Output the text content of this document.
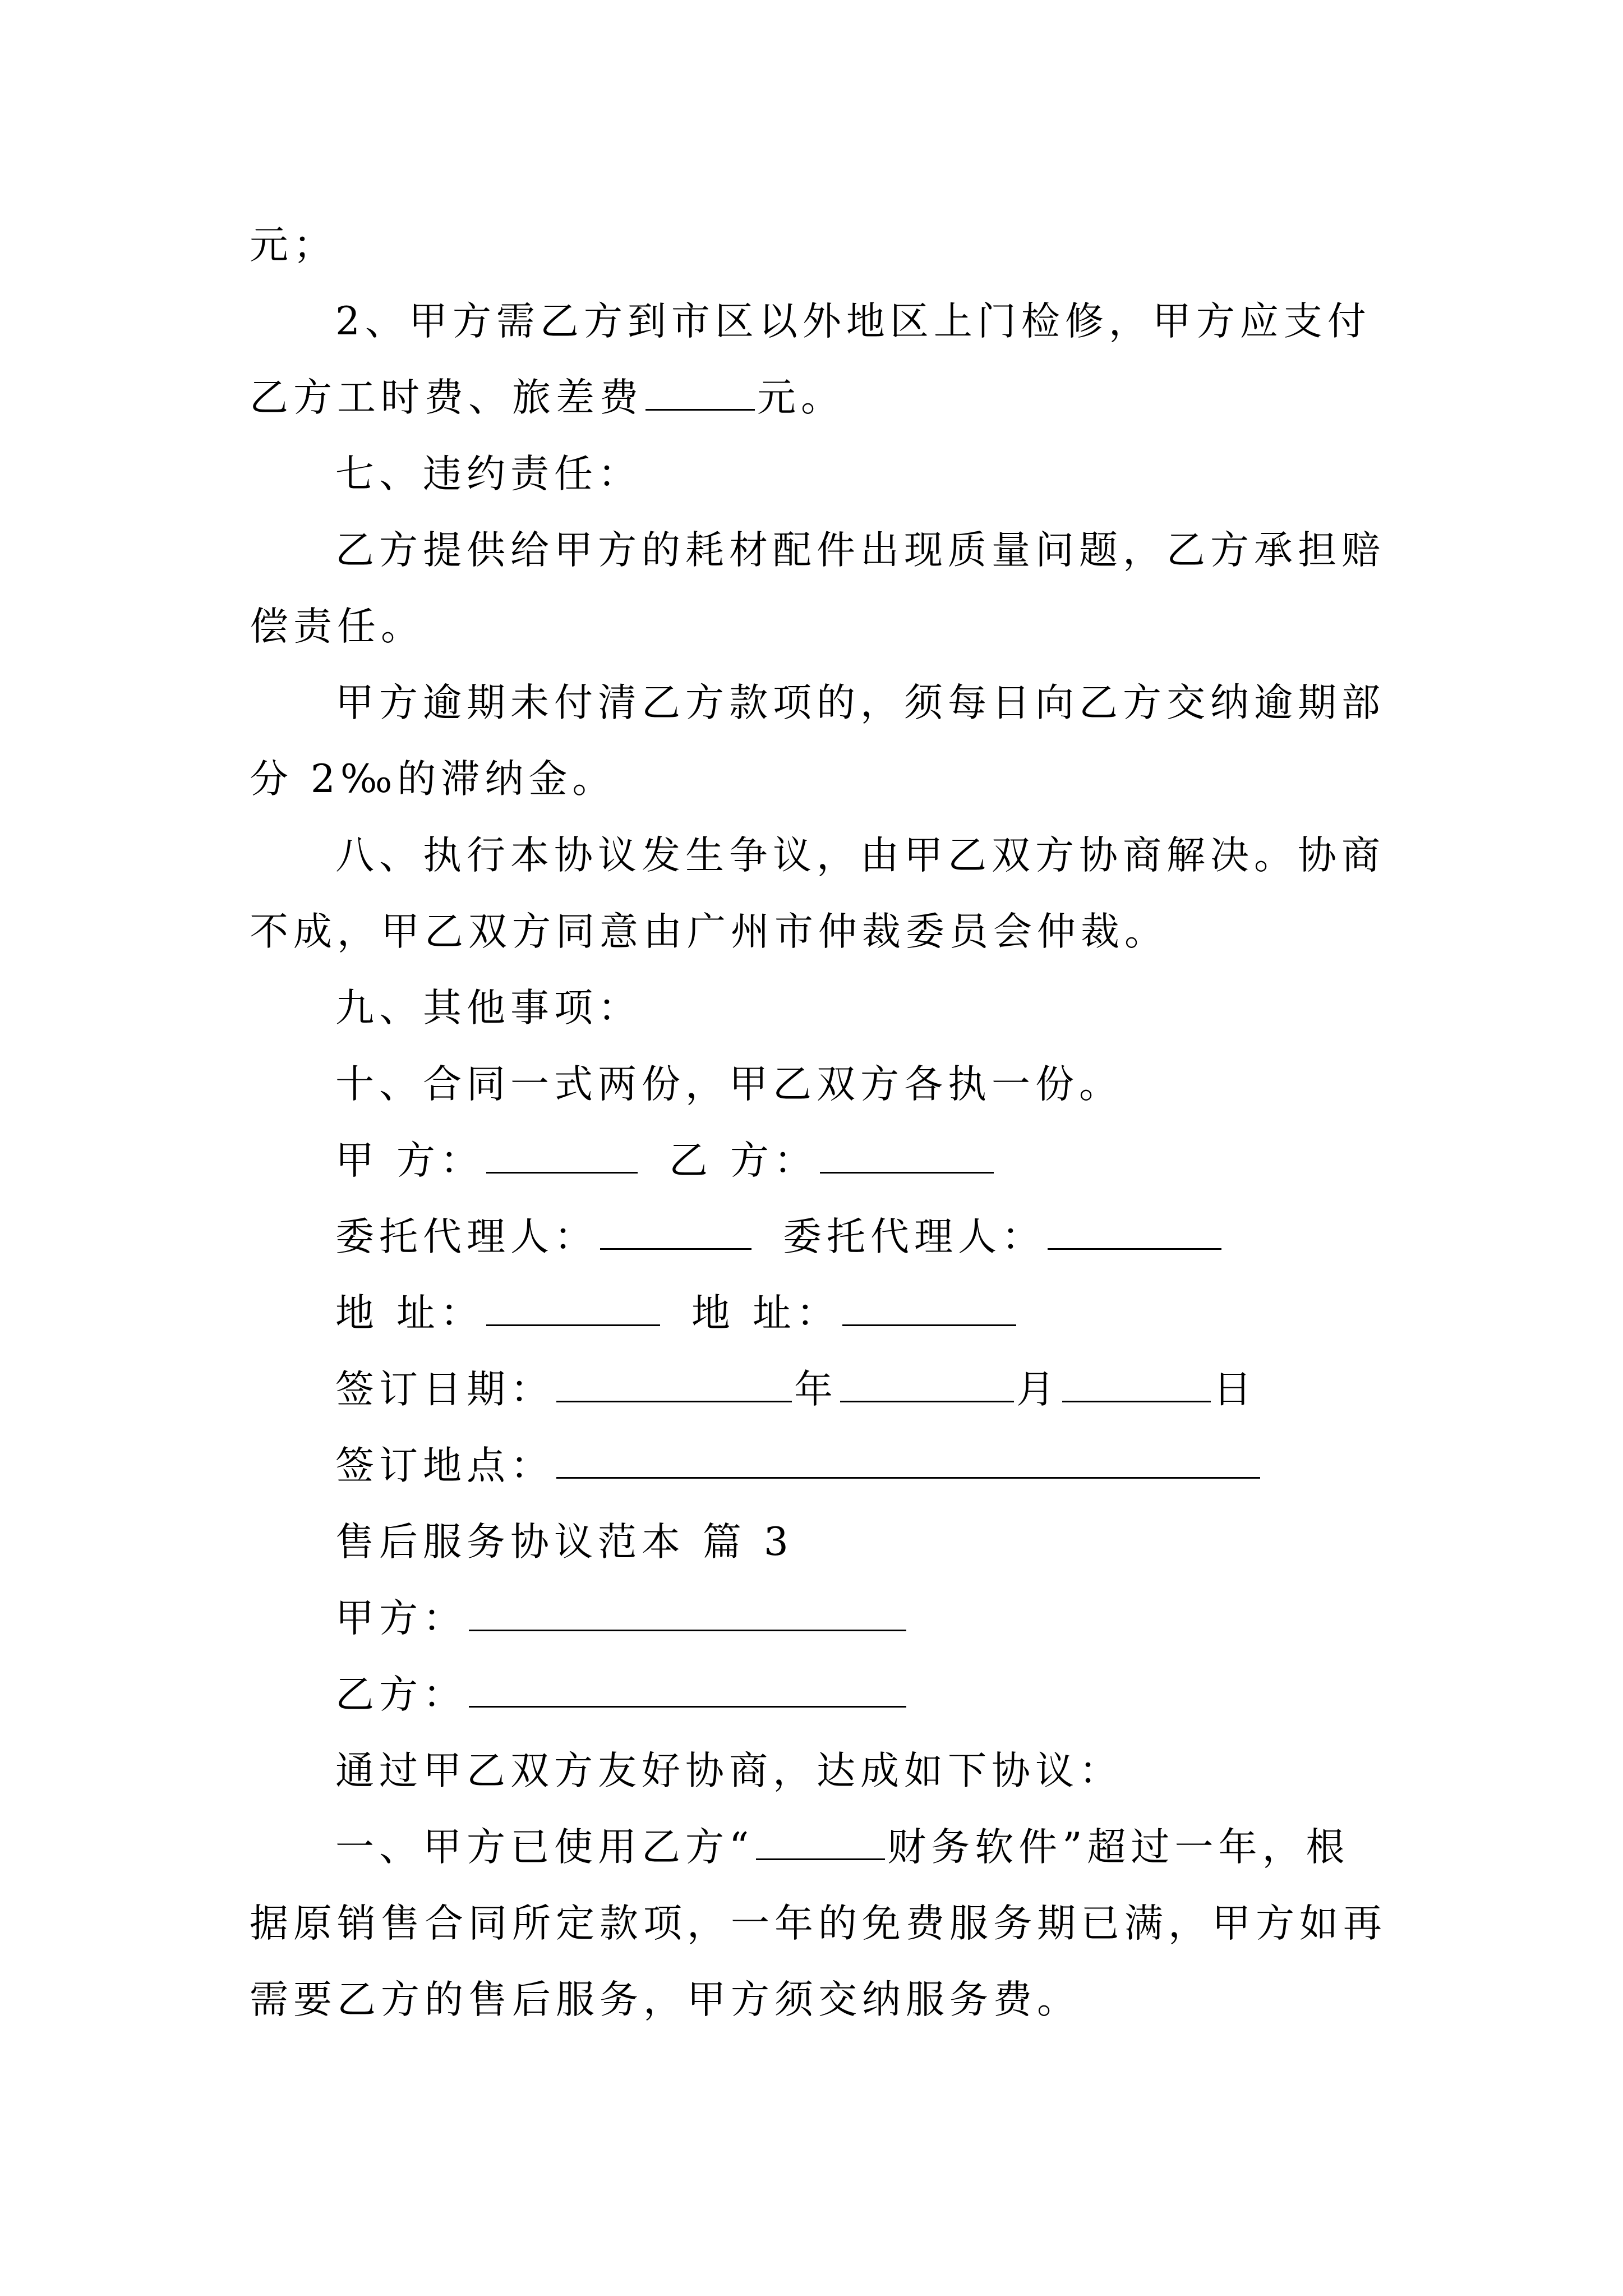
元；
2、甲方需乙方到市区以外地区上门检修，甲方应支付
乙方工时费、旅差费	元。
七、违约责任：
乙方提供给甲方的耗材配件出现质量问题，乙方承担赔
偿责任。
甲方逾期未付清乙方款项的，须每日向乙方交纳逾期部
分 2‰的滞纳金。
八、执行本协议发生争议，由甲乙双方协商解决。协商
不成，甲乙双方同意由广州市仲裁委员会仲裁。
九、其他事项：
十、合同一式两份，甲乙双方各执一份。
甲 方：	乙 方：
委托代理人：	委托代理人：
地 址：	地 址：
签订日期：	年	月	日
签订地点：
售后服务协议范本 篇 3
甲方：
乙方：
通过甲乙双方友好协商，达成如下协议：
一、甲方已使用乙方“	财务软件”超过一年，根
据原销售合同所定款项，一年的免费服务期已满，甲方如再
需要乙方的售后服务，甲方须交纳服务费。
